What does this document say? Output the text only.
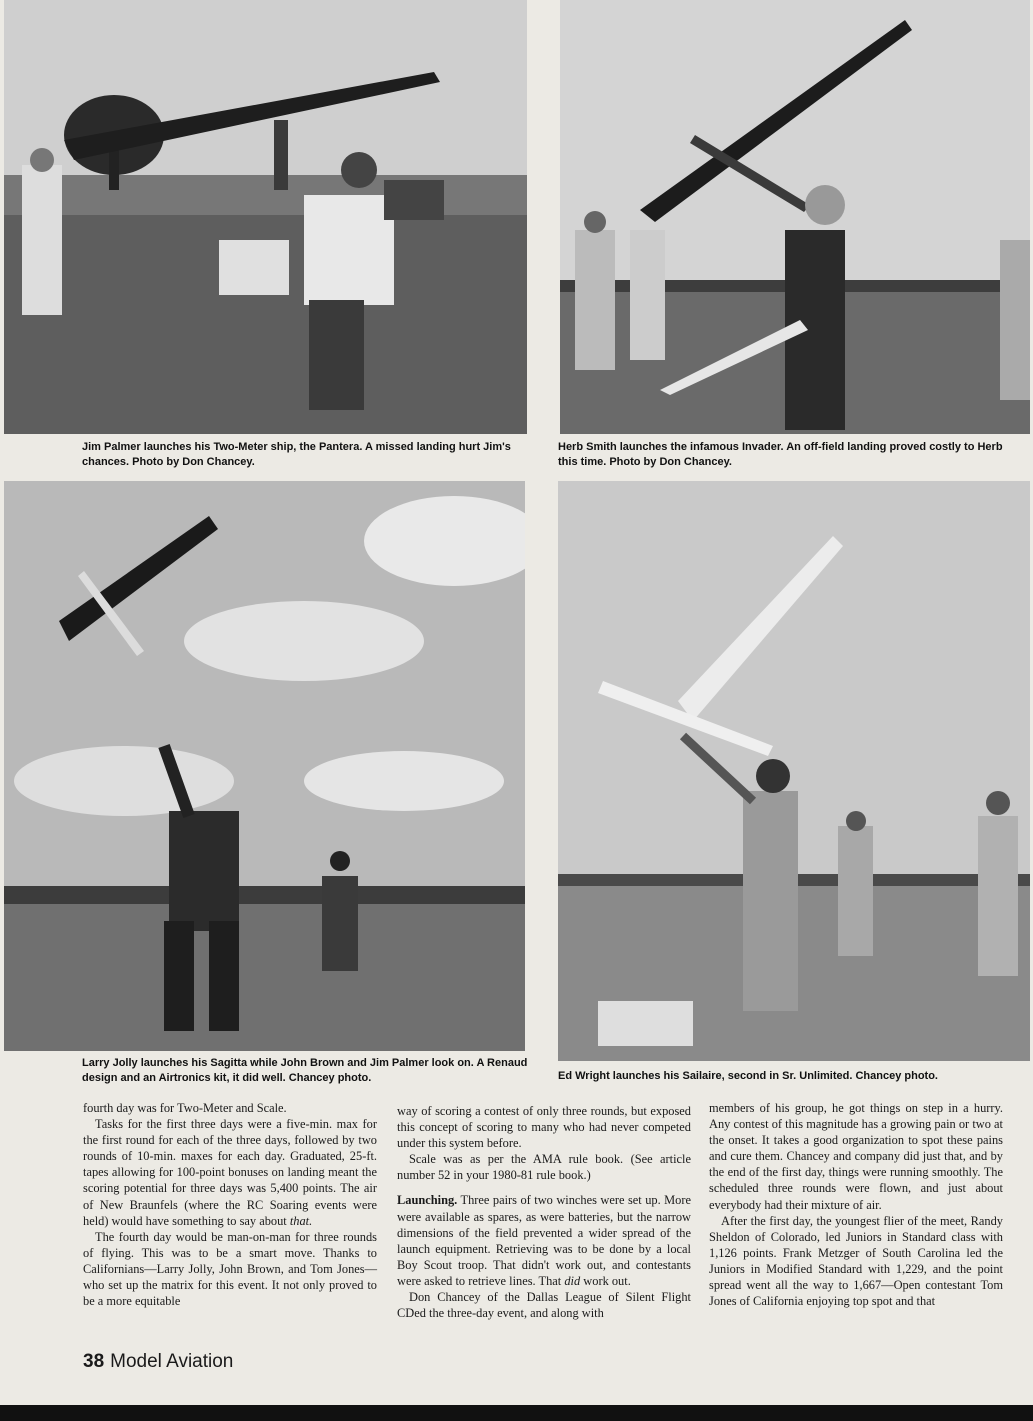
Jim Palmer launches his Two-Meter ship, the Pantera. A missed landing hurt Jim's chances. Photo by Don Chancey.
Herb Smith launches the infamous Invader. An off-field landing proved costly to Herb this time. Photo by Don Chancey.
Larry Jolly launches his Sagitta while John Brown and Jim Palmer look on. A Renaud design and an Airtronics kit, it did well. Chancey photo.	Ed Wright launches his Sailaire, second in Sr. Unlimited. Chancey photo.

fourth day was for Two-Meter and Scale.

Tasks for the first three days were a five-min. max for the first round for each of the three days, followed by two rounds of 10-min. maxes for each day. Graduated, 25-ft. tapes allowing for 100-point bonuses on landing meant the scoring potential for three days was 5,400 points. The air of New Braunfels (where the RC Soaring events were held) would have something to say about that.

The fourth day would be man-on-man for three rounds of flying. This was to be a smart move. Thanks to Californians—Larry Jolly, John Brown, and Tom Jones—who set up the matrix for this event. It not only proved to be a more equitable

way of scoring a contest of only three rounds, but exposed this concept of scoring to many who had never competed under this system before.

Scale was as per the AMA rule book. (See article number 52 in your 1980-81 rule book.)

Launching. Three pairs of two winches were set up. More were available as spares, as were batteries, but the narrow dimensions of the field prevented a wider spread of the launch equipment. Retrieving was to be done by a local Boy Scout troop. That didn't work out, and contestants were asked to retrieve lines. That did work out.

Don Chancey of the Dallas League of Silent Flight CDed the three-day event, and along with

members of his group, he got things on step in a hurry. Any contest of this magnitude has a growing pain or two at the onset. It takes a good organization to spot these pains and cure them. Chancey and company did just that, and by the end of the first day, things were running smoothly. The scheduled three rounds were flown, and just about everybody had their mixture of air.

After the first day, the youngest flier of the meet, Randy Sheldon of Colorado, led Juniors in Standard class with 1,126 points. Frank Metzger of South Carolina led the Juniors in Modified Standard with 1,229, and the point spread went all the way to 1,667—Open contestant Tom Jones of California enjoying top spot and that

38 Model Aviation
